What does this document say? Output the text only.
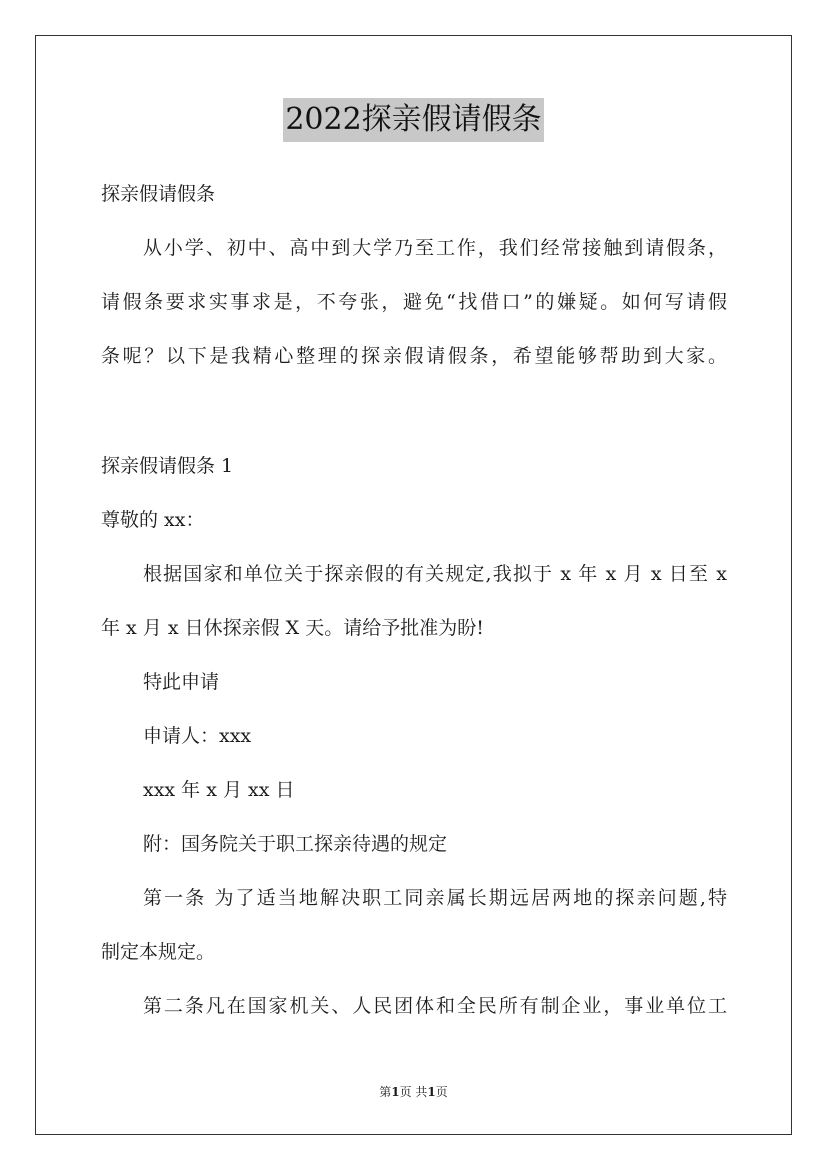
2022探亲假请假条
探亲假请假条
从小学、初中、高中到大学乃至工作，我们经常接触到请假条，
请假条要求实事求是，不夸张，避免“找借口”的嫌疑。如何写请假
条呢？以下是我精心整理的探亲假请假条，希望能够帮助到大家。
探亲假请假条 1
尊敬的 xx：
根据国家和单位关于探亲假的有关规定,我拟于 x 年 x 月 x 日至 x
年 x 月 x 日休探亲假 X 天。请给予批准为盼!
特此申请
申请人：xxx
xxx 年 x 月 xx 日
附：国务院关于职工探亲待遇的规定
第一条 为了适当地解决职工同亲属长期远居两地的探亲问题,特
制定本规定。
第二条凡在国家机关、人民团体和全民所有制企业，事业单位工
第1页 共1页
